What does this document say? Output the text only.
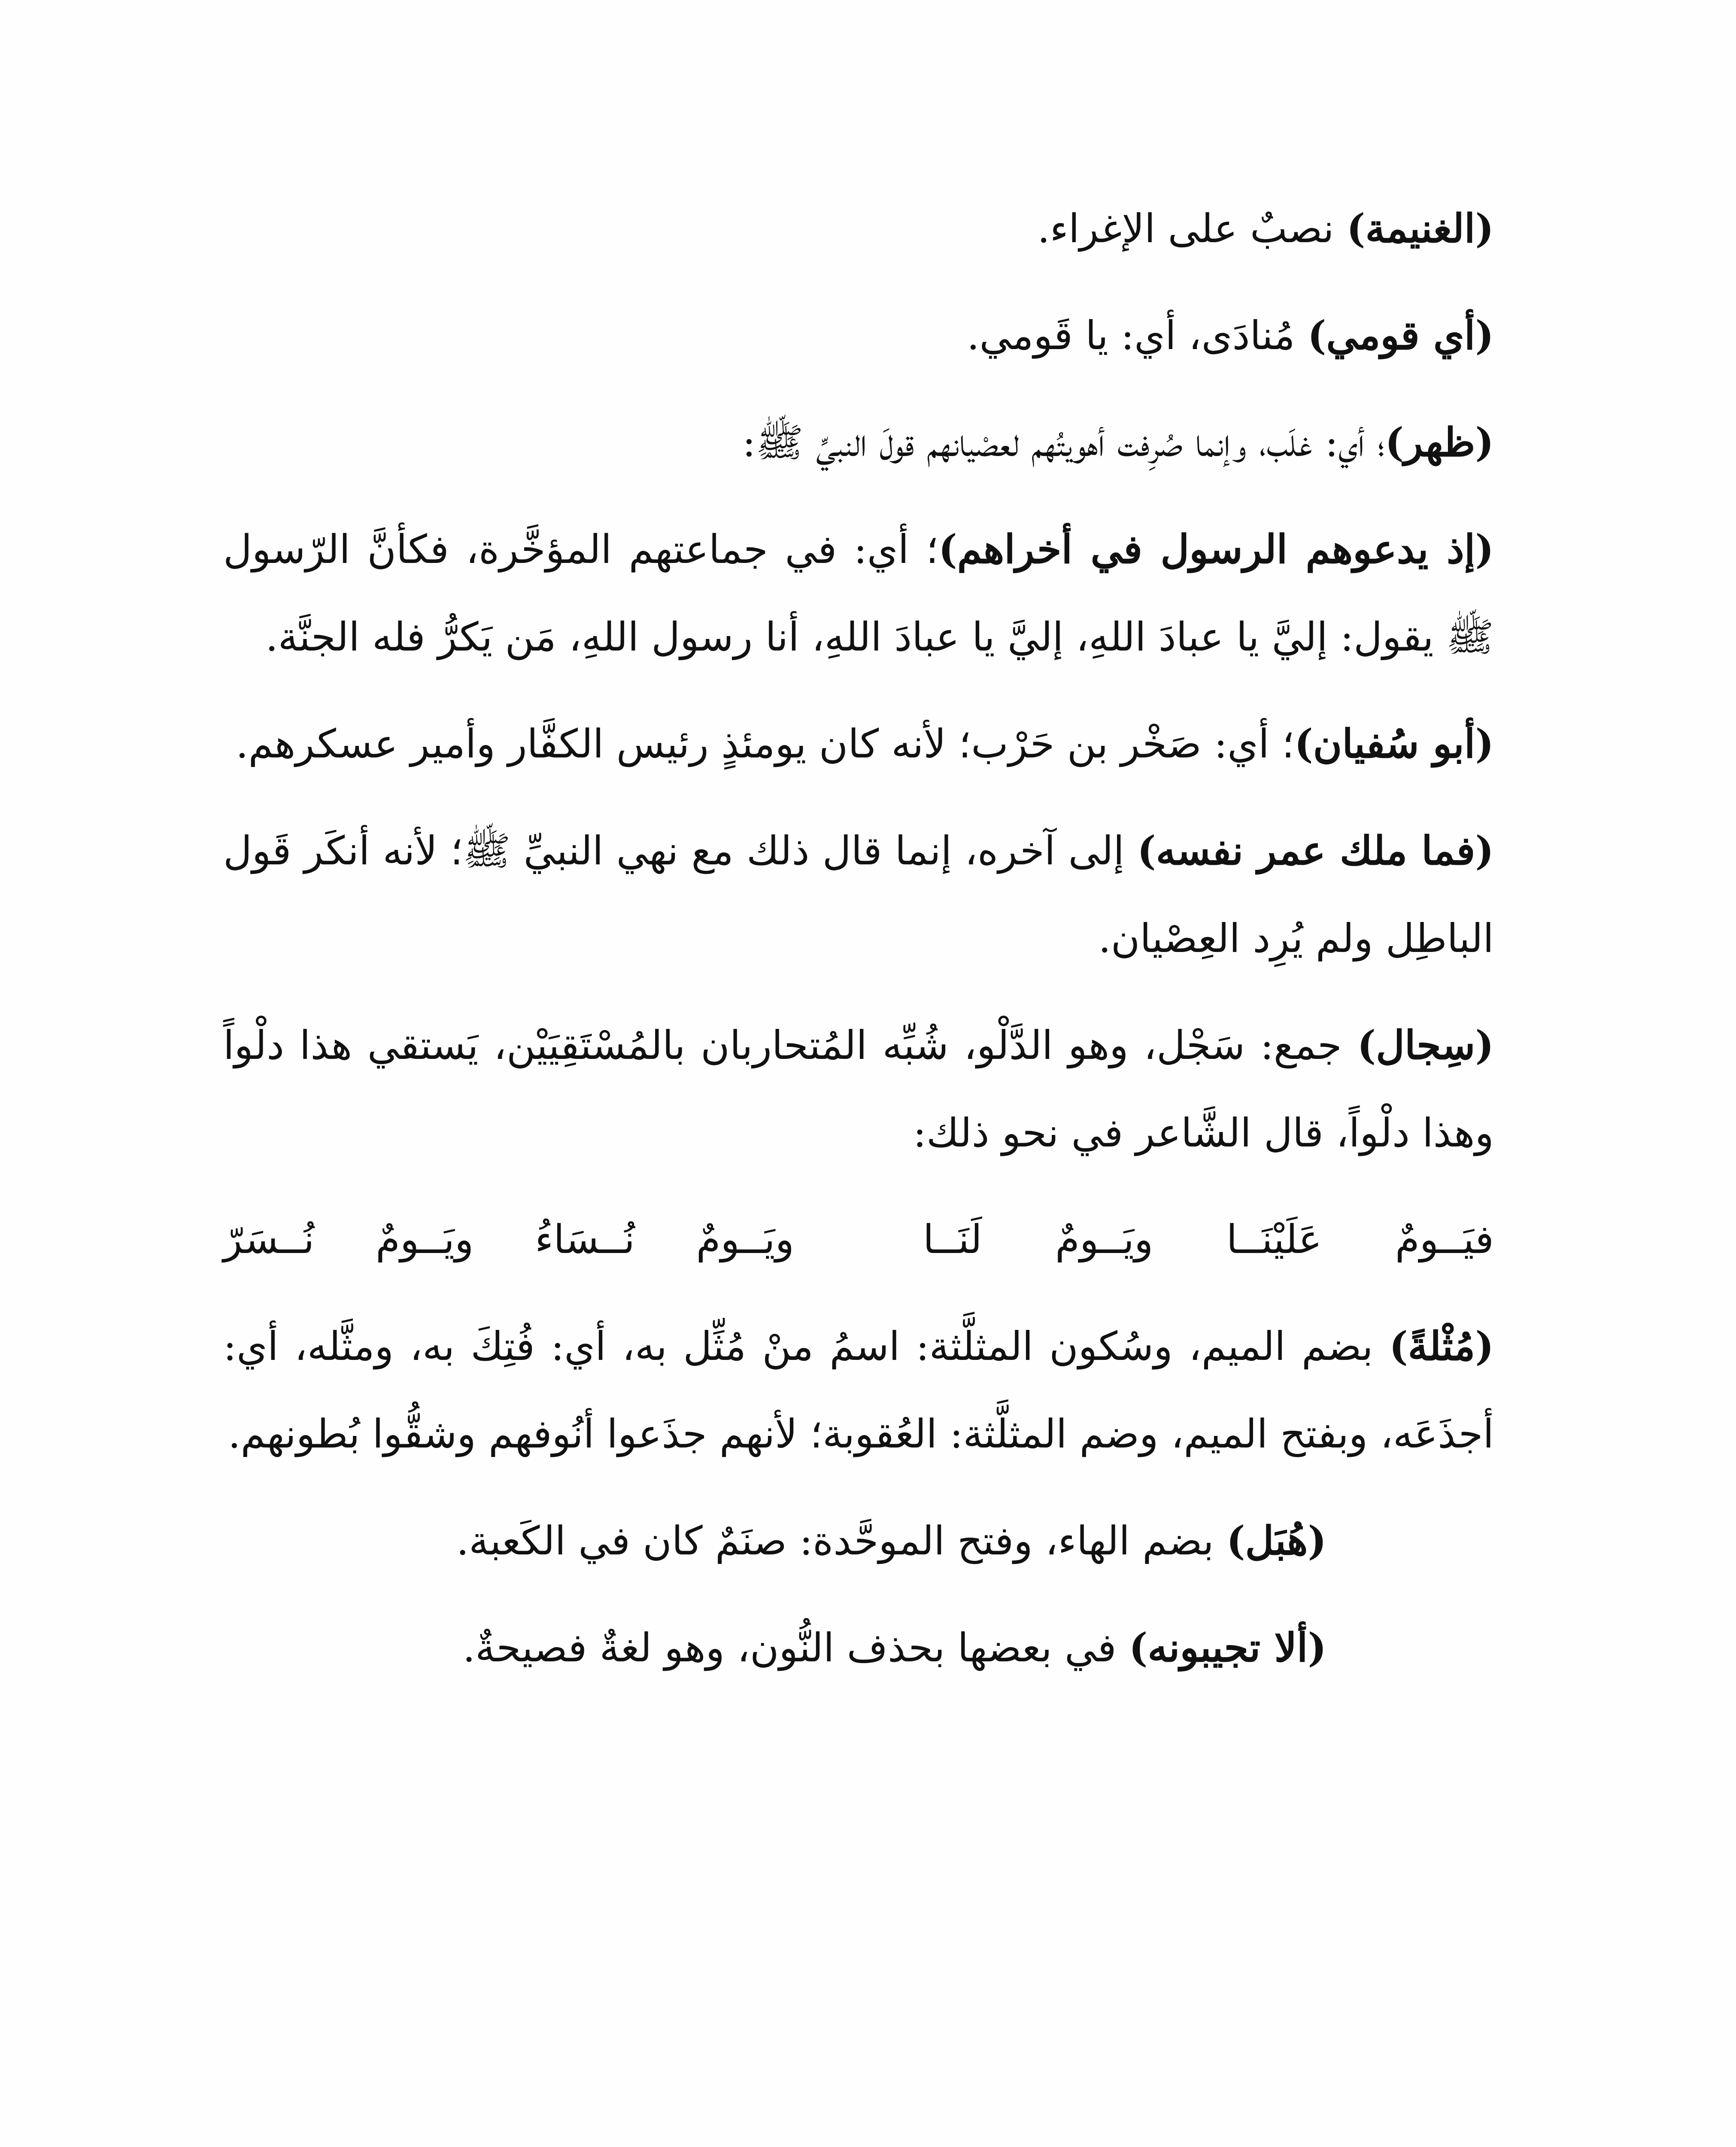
(الغنيمة) نصبٌ على الإغراء.

(أي قومي) مُنادَى، أي: يا قَومي.

(ظهر)؛ أي: غلَب، وإنما صُرِفت أهويتُهم لعصْيانهم قولَ النبيِّ ﷺ:

(إذ يدعوهم الرسول في أخراهم)؛ أي: في جماعتهم المؤخَّرة، فكأنَّ الرّسول ﷺ يقول: إليَّ يا عبادَ اللهِ، إليَّ يا عبادَ اللهِ، أنا رسول اللهِ، مَن يَكرُّ فله الجنَّة.

(أبو سُفيان)؛ أي: صَخْر بن حَرْب؛ لأنه كان يومئذٍ رئيس الكفَّار وأمير عسكرهم.

(فما ملك عمر نفسه) إلى آخره، إنما قال ذلك مع نهي النبيِّ ﷺ؛ لأنه أنكَر قَول الباطِل ولم يُرِد العِصْيان.

(سِجال) جمع: سَجْل، وهو الدَّلْو، شُبِّه المُتحاربان بالمُسْتَقِيَيْن، يَستقي هذا دلْواً وهذا دلْواً، قال الشَّاعر في نحو ذلك:

فيَــومٌ عَلَيْنَــا ويَــومٌ لَنَــا
ويَــومٌ نُــسَاءُ ويَــومٌ نُــسَرّ

(مُثْلةً) بضم الميم، وسُكون المثلَّثة: اسمُ منْ مُثِّل به، أي: فُتِكَ به، ومثَّله، أي: أجذَعَه، وبفتح الميم، وضم المثلَّثة: العُقوبة؛ لأنهم جذَعوا أنُوفهم وشقُّوا بُطونهم.

(هُبَل) بضم الهاء، وفتح الموحَّدة: صنَمٌ كان في الكَعبة.

(ألا تجيبونه) في بعضها بحذف النُّون، وهو لغةٌ فصيحةٌ.
